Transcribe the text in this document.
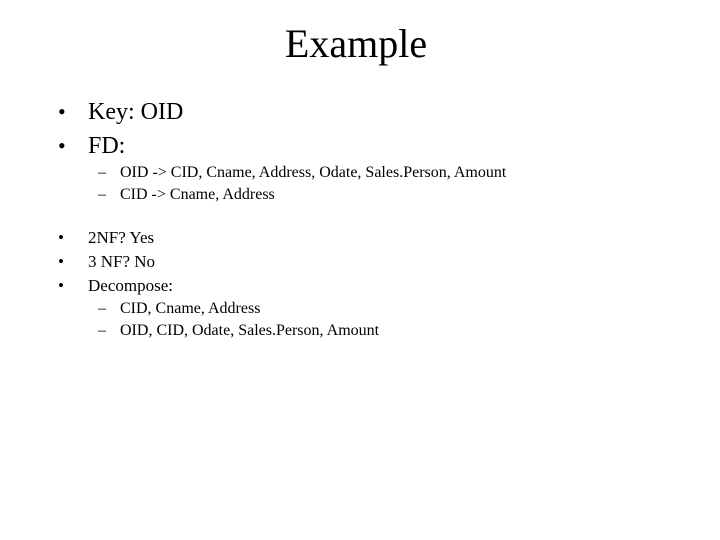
Example
• Key: OID
• FD:
– OID -> CID, Cname, Address, Odate, Sales.Person, Amount
– CID -> Cname, Address
• 2NF? Yes
• 3 NF? No
• Decompose:
– CID, Cname, Address
– OID, CID, Odate, Sales.Person, Amount
